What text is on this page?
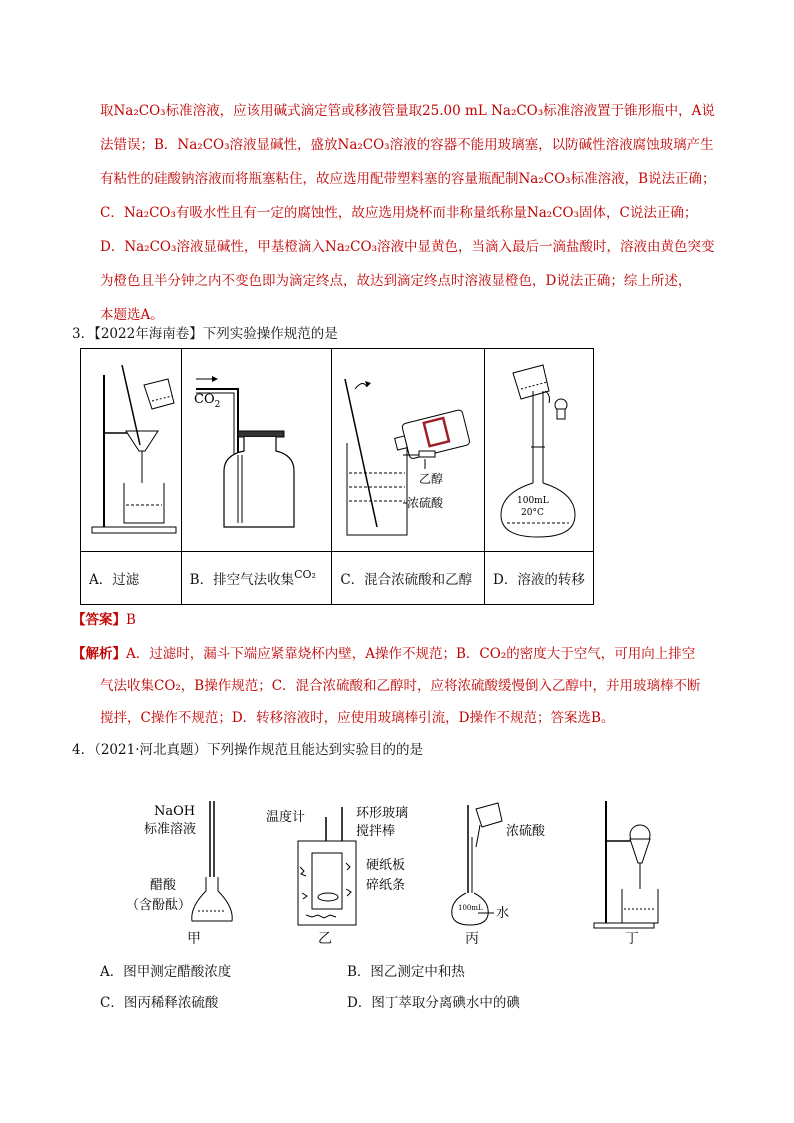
取Na₂CO₃标准溶液，应该用碱式滴定管或移液管量取25.00 mL Na₂CO₃标准溶液置于锥形瓶中，A说
法错误；B．Na₂CO₃溶液显碱性，盛放Na₂CO₃溶液的容器不能用玻璃塞，以防碱性溶液腐蚀玻璃产生
有粘性的硅酸钠溶液而将瓶塞粘住，故应选用配带塑料塞的容量瓶配制Na₂CO₃标准溶液，B说法正确；
C．Na₂CO₃有吸水性且有一定的腐蚀性，故应选用烧杯而非称量纸称量Na₂CO₃固体，C说法正确；
D．Na₂CO₃溶液显碱性，甲基橙滴入Na₂CO₃溶液中显黄色，当滴入最后一滴盐酸时，溶液由黄色突变
为橙色且半分钟之内不变色即为滴定终点，故达到滴定终点时溶液显橙色，D说法正确；综上所述，
本题选A。
3．【2022年海南卷】下列实验操作规范的是

$CO_2$	乙醇
浓硫酸	100mL
20°C

A．过滤	B．排空气法收集$^{CO_2}$	C．混合浓硫酸和乙醇	D．溶液的转移
【答案】B
【解析】A．过滤时，漏斗下端应紧靠烧杯内壁，A操作不规范；B．CO₂的密度大于空气，可用向上排空
气法收集CO₂，B操作规范；C．混合浓硫酸和乙醇时，应将浓硫酸缓慢倒入乙醇中，并用玻璃棒不断
搅拌，C操作不规范；D．转移溶液时，应使用玻璃棒引流，D操作不规范；答案选B。
4．（2021·河北真题）下列操作规范且能达到实验目的的是
NaOH
标准溶液
醋酸
（含酚酞）
温度计	环形玻璃
搅拌棒
硬纸板
碎纸条
100mL
浓硫酸
水
甲	乙	丙	丁
A．图甲测定醋酸浓度	B．图乙测定中和热
C．图丙稀释浓硫酸	D．图丁萃取分离碘水中的碘
